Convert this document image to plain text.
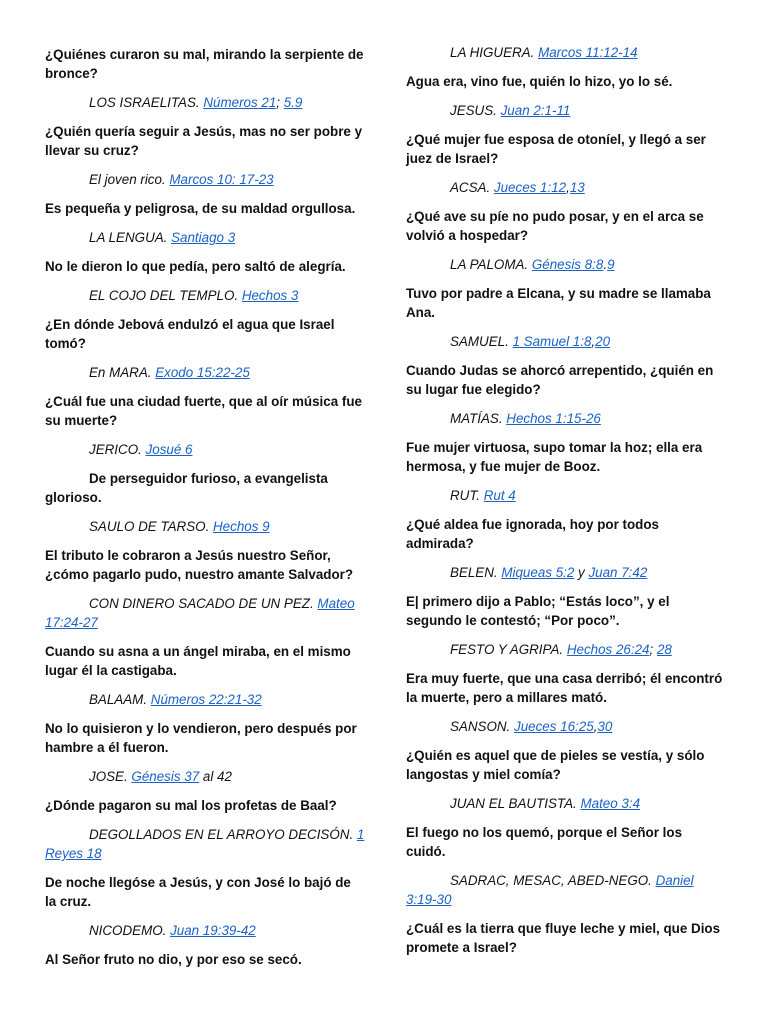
¿Quiénes curaron su mal, mirando la serpiente de bronce?

LOS ISRAELITAS. Números 21; 5.9

¿Quién quería seguir a Jesús, mas no ser pobre y llevar su cruz?

El joven rico. Marcos 10: 17-23

Es pequeña y peligrosa, de su maldad orgullosa.

LA LENGUA. Santiago 3

No le dieron lo que pedía, pero saltó de alegría.

EL COJO DEL TEMPLO. Hechos 3

¿En dónde Jebová endulzó el agua que Israel tomó?

En MARA. Exodo 15:22-25

¿Cuál fue una ciudad fuerte, que al oír música fue su muerte?

JERICO. Josué 6

De perseguidor furioso, a evangelista glorioso.

SAULO DE TARSO. Hechos 9

El tributo le cobraron a Jesús nuestro Señor, ¿cómo pagarlo pudo, nuestro amante Salvador?

CON DINERO SACADO DE UN PEZ. Mateo 17:24-27

Cuando su asna a un ángel miraba, en el mismo lugar él la castigaba.

BALAAM. Números 22:21-32

No lo quisieron y lo vendieron, pero después por hambre a él fueron.

JOSE. Génesis 37 al 42

¿Dónde pagaron su mal los profetas de Baal?

DEGOLLADOS EN EL ARROYO DECISÓN. 1 Reyes 18

De noche llegóse a Jesús, y con José lo bajó de la cruz.

NICODEMO. Juan 19:39-42

Al Señor fruto no dio, y por eso se secó.

LA HIGUERA. Marcos 11:12-14

Agua era, vino fue, quién lo hizo, yo lo sé.

JESUS. Juan 2:1-11

¿Qué mujer fue esposa de otoníel, y llegó a ser juez de Israel?

ACSA. Jueces 1:12,13

¿Qué ave su píe no pudo posar, y en el arca se volvió a hospedar?

LA PALOMA. Génesis 8:8.9

Tuvo por padre a Elcana, y su madre se llamaba Ana.

SAMUEL. 1 Samuel 1:8,20

Cuando Judas se ahorcó arrepentido, ¿quién en su lugar fue elegido?

MATÍAS. Hechos 1:15-26

Fue mujer virtuosa, supo tomar la hoz; ella era hermosa, y fue mujer de Booz.

RUT. Rut 4

¿Qué aldea fue ignorada, hoy por todos admirada?

BELEN. Miqueas 5:2 y Juan 7:42

E| primero dijo a Pablo; “Estás loco”, y el segundo le contestó; “Por poco”.

FESTO Y AGRIPA. Hechos 26:24; 28

Era muy fuerte, que una casa derribó; él encontró la muerte, pero a millares mató.

SANSON. Jueces 16:25,30

¿Quién es aquel que de pieles se vestía, y sólo langostas y miel comía?

JUAN EL BAUTISTA. Mateo 3:4

El fuego no los quemó, porque el Señor los cuidó.

SADRAC, MESAC, ABED-NEGO. Daniel 3:19-30

¿Cuál es la tierra que fluye leche y miel, que Dios promete a Israel?
